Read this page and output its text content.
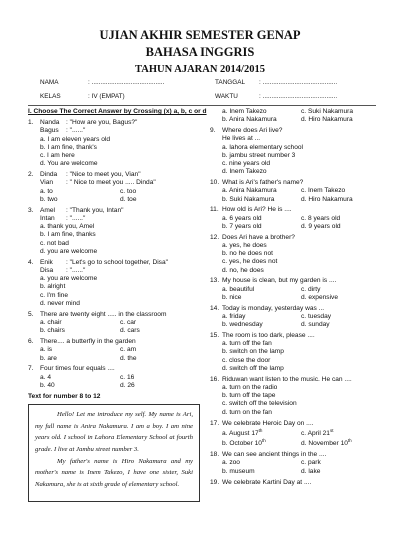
UJIAN AKHIR SEMESTER GENAP
BAHASA INGGRIS
TAHUN AJARAN 2014/2015
NAMA	: .........................................
KELAS	: IV (EMPAT)
TANGGAL : ..........................................
WAKTU	: ..........................................
I. Choose The Correct Answer by Crossing (x) a, b, c or d
1. Nanda : "How are you, Bagus?"
Bagus	: "......"
a. I am eleven years old
b. I am fine, thank's
c. I am here
d. You are welcome
2. Dinda	: "Nice to meet you, Vian"
Vian	: " Nice to meet you ..... Dinda"
a. to	c. too
b. two	d. toe
3. Amel	: "Thank you, Intan"
Intan	: "......"
a. thank you, Amel
b. I am fine, thanks
c. not bad
d. you are welcome
4. Enik	: "Let's go to school together, Disa"
Disa	: "......"
a. you are welcome
b. alright
c. I'm fine
d. never mind
5. There are twenty eight ..... in the classroom
a. chair	c. car
b. chairs	d. cars
6. There.... a butterfly in the garden
a. is	c. am
b. are	d. the
7. Four times four equals ....
a. 4	c. 16
b. 40	d. 26
Text for number 8 to 12

Hello! Let me introduce my self. My name is Ari, my full name is Anira Nakamura. I am a boy. I am nine years old. I school in Lahora Elementary School at fourth grade. I live at Jambu street number 3.

My father's name is Hiro Nakamura and my mother's name is Inem Takezo, I have one sister, Suki Nakamura, she is at sixth grade of elementary school.

a. Inem Takezo	c. Suki Nakamura
b. Anira Nakamura	d. Hiro Nakamura
9. Where does Ari live?
He lives at ...
a. lahora elementary school
b. jambu street number 3
c. nine years old
d. Inem Takezo
10. What is Ari's father's name?
a. Anira Nakamura	c. Inem Takezo
b. Suki Nakamura	d. Hiro Nakamura
11. How old is Ari? He is ....
a. 6 years old	c. 8 years old
b. 7 years old	d. 9 years old
12. Does Ari have a brother?
a. yes, he does
b. no he does not
c. yes, he does not
d. no, he does
13. My house is clean, but my garden is ....
a. beautiful	c. dirty
b. nice	d. expensive
14. Today is monday, yesterday was ...
a. friday	c. tuesday
b. wednesday	d. sunday
15. The room is too dark, please ....
a. turn off the fan
b. switch on the lamp
c. close the door
d. switch off the lamp
16. Riduwan want listen to the music. He can ....
a. turn on the radio
b. turn off the tape
c. switch off the television
d. turn on the fan
17. We celebrate Heroic Day on ....
a. August 17th	c. April 21st
b. October 10th	d. November 10th
18. We can see ancient things in the ....
a. zoo	c. park
b. museum	d. lake
19. We celebrate Kartini Day at ....
